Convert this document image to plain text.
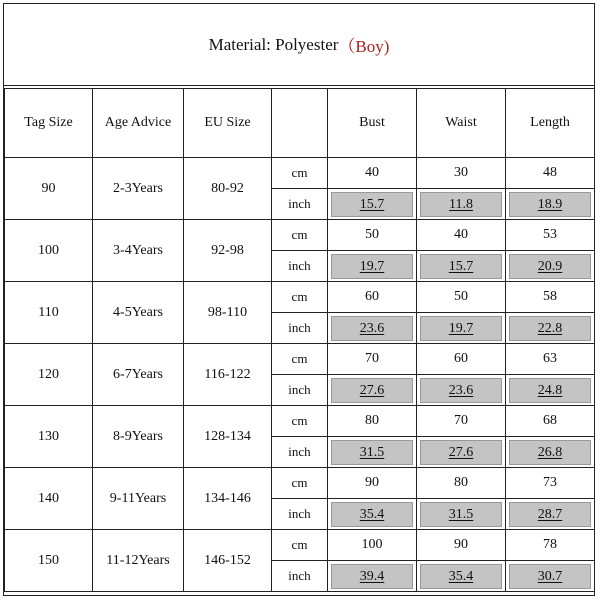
Material: Polyester （Boy)
Tag Size	Age Advice	EU Size		Bust	Waist	Length
90	2-3Years	80-92	cm	40	30	48
			inch	15.7	11.8	18.9

100	3-4Years	92-98	cm	50	40	53
			inch	19.7	15.7	20.9

110	4-5Years	98-110	cm	60	50	58
			inch	23.6	19.7	22.8

120	6-7Years	116-122	cm	70	60	63
			inch	27.6	23.6	24.8

130	8-9Years	128-134	cm	80	70	68
			inch	31.5	27.6	26.8

140	9-11Years	134-146	cm	90	80	73
			inch	35.4	31.5	28.7

150	11-12Years	146-152	cm	100	90	78
			inch	39.4	35.4	30.7
